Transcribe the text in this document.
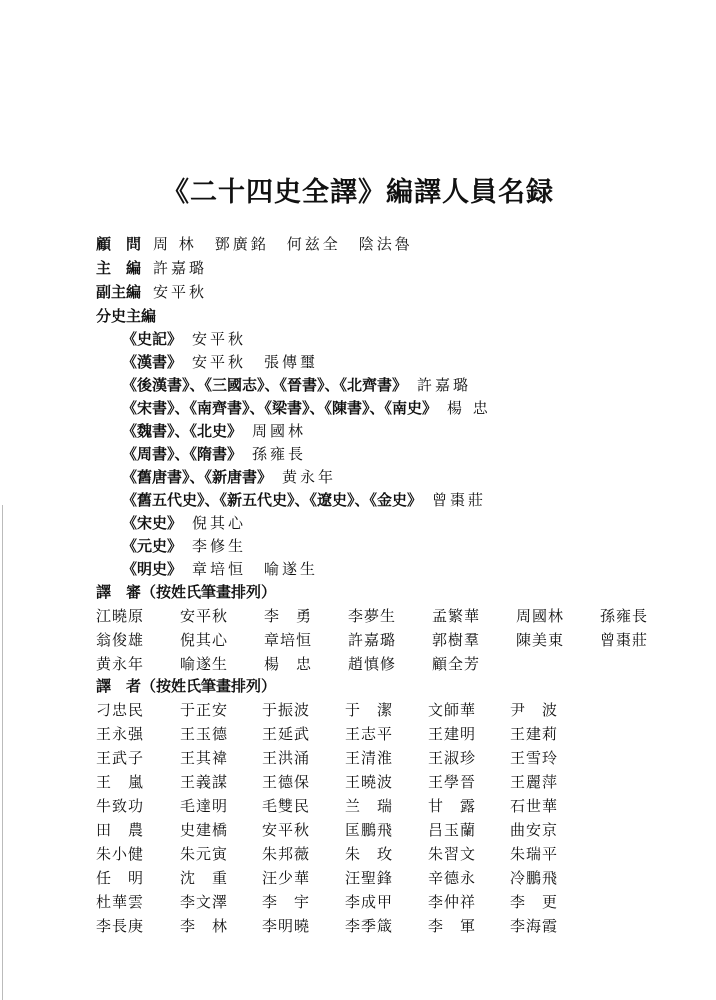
《二十四史全譯》編譯人員名録
顧　問 周 林　鄧廣銘　何兹全　陰法魯
主　編 許嘉璐
副主編 安平秋
分史主編
《史記》 安平秋
《漢書》 安平秋　張傳璽
《後漢書》、《三國志》、《晉書》、《北齊書》 許嘉璐
《宋書》、《南齊書》、《梁書》、《陳書》、《南史》 楊 忠
《魏書》、《北史》 周國林
《周書》、《隋書》 孫雍長
《舊唐書》、《新唐書》 黄永年
《舊五代史》、《新五代史》、《遼史》、《金史》 曾棗莊
《宋史》 倪其心
《元史》 李修生
《明史》 章培恒　喻遂生
譯　審（按姓氏筆畫排列）
江曉原 安平秋 李　勇 李夢生 孟繁華 周國林 孫雍長
翁俊雄 倪其心 章培恒 許嘉璐 郭樹羣 陳美東 曾棗莊
黄永年 喻遂生 楊　忠 趙慎修 顧全芳
譯　者（按姓氏筆畫排列）
刁忠民 于正安 于振波 于　潔 文師華 尹　波
王永强 王玉德 王延武 王志平 王建明 王建莉
王武子 王其褘 王洪涌 王清淮 王淑珍 王雪玲
王　嵐 王義謀 王德保 王曉波 王學晉 王麗萍
牛致功 毛達明 毛雙民 兰　瑞 甘　露 石世華
田　農 史建橋 安平秋 匡鵬飛 吕玉蘭 曲安京
朱小健 朱元寅 朱邦薇 朱　玫 朱習文 朱瑞平
任　明 沈　重 汪少華 汪聖鋒 辛德永 冷鵬飛
杜華雲 李文澤 李　宇 李成甲 李仲祥 李　更
李長庚 李　林 李明曉 李季箴 李　軍 李海霞
